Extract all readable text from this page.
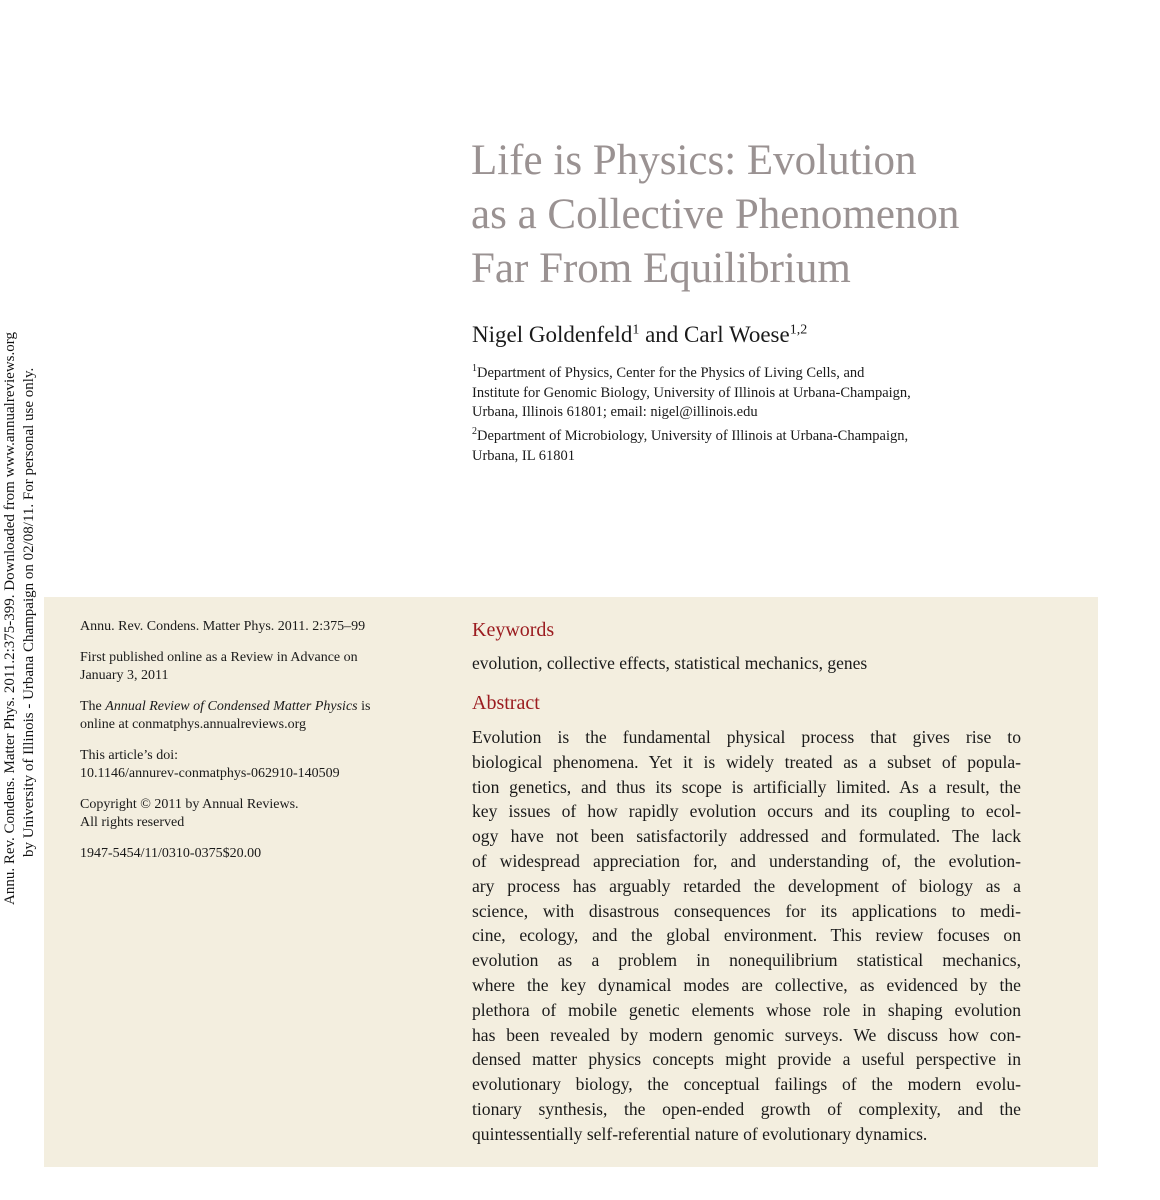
Annu. Rev. Condens. Matter Phys. 2011.2:375-399. Downloaded from www.annualreviews.org by University of Illinois - Urbana Champaign on 02/08/11. For personal use only.
Life is Physics: Evolution
as a Collective Phenomenon
Far From Equilibrium
Nigel Goldenfeld$^1$ and Carl Woese$^{1,2}$
$^1$Department of Physics, Center for the Physics of Living Cells, and
Institute for Genomic Biology, University of Illinois at Urbana-Champaign,
Urbana, Illinois 61801; email: nigel@illinois.edu
$^2$Department of Microbiology, University of Illinois at Urbana-Champaign,
Urbana, IL 61801

Annu. Rev. Condens. Matter Phys. 2011. 2:375–99

First published online as a Review in Advance on
January 3, 2011

The Annual Review of Condensed Matter Physics is
online at conmatphys.annualreviews.org

This article’s doi:
10.1146/annurev-conmatphys-062910-140509

Copyright © 2011 by Annual Reviews.
All rights reserved

1947-5454/11/0310-0375$20.00

Keywords
evolution, collective effects, statistical mechanics, genes
Abstract
Evolution is the fundamental physical process that gives rise to
biological phenomena. Yet it is widely treated as a subset of popula-
tion genetics, and thus its scope is artificially limited. As a result, the
key issues of how rapidly evolution occurs and its coupling to ecol-
ogy have not been satisfactorily addressed and formulated. The lack
of widespread appreciation for, and understanding of, the evolution-
ary process has arguably retarded the development of biology as a
science, with disastrous consequences for its applications to medi-
cine, ecology, and the global environment. This review focuses on
evolution as a problem in nonequilibrium statistical mechanics,
where the key dynamical modes are collective, as evidenced by the
plethora of mobile genetic elements whose role in shaping evolution
has been revealed by modern genomic surveys. We discuss how con-
densed matter physics concepts might provide a useful perspective in
evolutionary biology, the conceptual failings of the modern evolu-
tionary synthesis, the open-ended growth of complexity, and the
quintessentially self-referential nature of evolutionary dynamics.
